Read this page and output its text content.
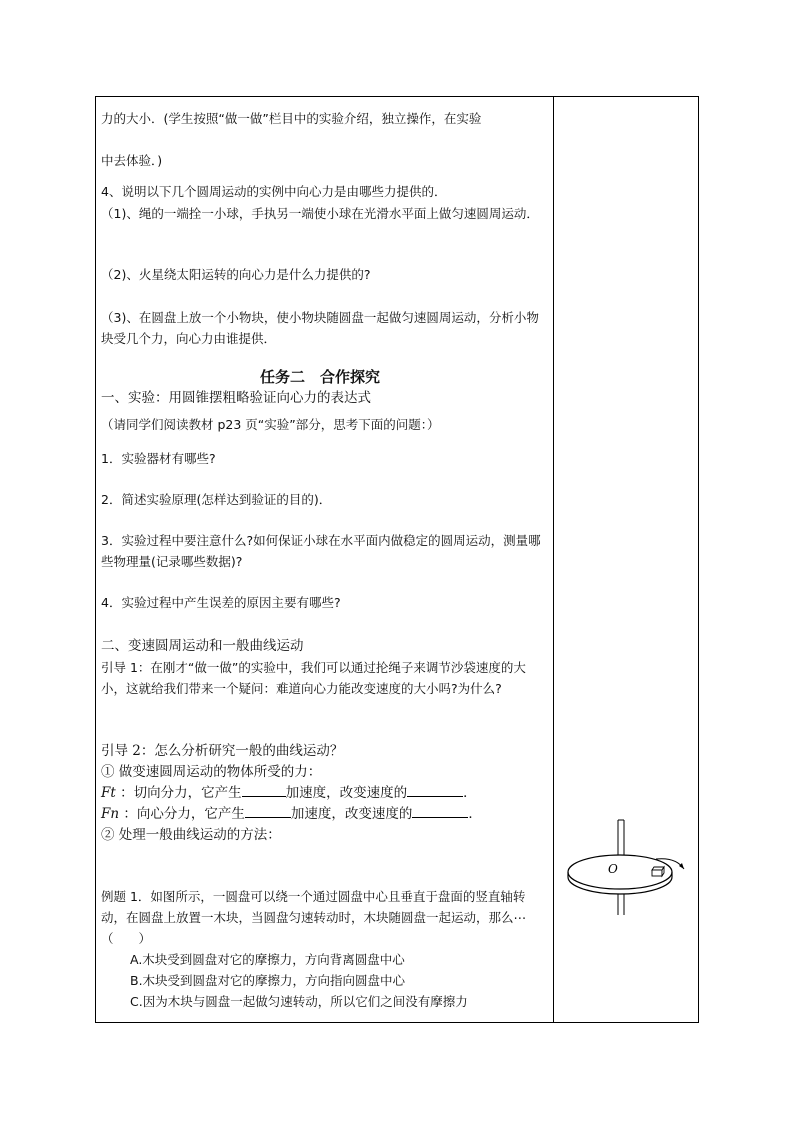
力的大小．(学生按照“做一做”栏目中的实验介绍，独立操作，在实验
中去体验．)
4、说明以下几个圆周运动的实例中向心力是由哪些力提供的．
（1)、绳的一端拴一小球，手执另一端使小球在光滑水平面上做匀速圆周运动．
（2)、火星绕太阳运转的向心力是什么力提供的?
（3)、在圆盘上放一个小物块，使小物块随圆盘一起做匀速圆周运动，分析小物块受几个力，向心力由谁提供．
任务二　合作探究
一、实验：用圆锥摆粗略验证向心力的表达式
（请同学们阅读教材 p23 页“实验”部分，思考下面的问题：）
1．实验器材有哪些?
2．简述实验原理(怎样达到验证的目的)．
3．实验过程中要注意什么?如何保证小球在水平面内做稳定的圆周运动，测量哪些物理量(记录哪些数据)?
4．实验过程中产生误差的原因主要有哪些?
二、变速圆周运动和一般曲线运动
引导 1：在刚才“做一做”的实验中，我们可以通过抡绳子来调节沙袋速度的大小，这就给我们带来一个疑问：难道向心力能改变速度的大小吗?为什么?
引导 2：怎么分析研究一般的曲线运动？
① 做变速圆周运动的物体所受的力：
Ft ：切向分力，它产生	加速度，改变速度的	．
Fn ：向心分力，它产生	加速度，改变速度的	．
② 处理一般曲线运动的方法：
例题 1．如图所示，一圆盘可以绕一个通过圆盘中心且垂直于盘面的竖直轴转动，在圆盘上放置一木块，当圆盘匀速转动时，木块随圆盘一起运动，那么⋯（　　）
A.木块受到圆盘对它的摩擦力，方向背离圆盘中心
B.木块受到圆盘对它的摩擦力，方向指向圆盘中心
C.因为木块与圆盘一起做匀速转动，所以它们之间没有摩擦力
O
